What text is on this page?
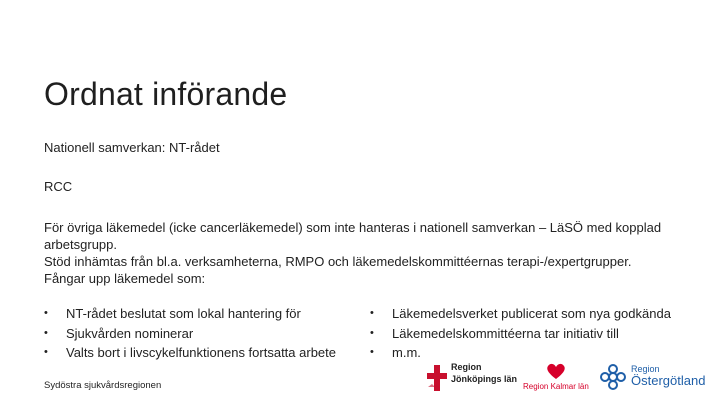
Ordnat införande
Nationell samverkan: NT-rådet
RCC
För övriga läkemedel (icke cancerläkemedel) som inte hanteras i nationell samverkan – LäSÖ med kopplad arbetsgrupp.
Stöd inhämtas från bl.a. verksamheterna, RMPO och läkemedelskommittéernas terapi-/expertgrupper.
Fångar upp läkemedel som:
• NT-rådet beslutat som lokal hantering för
• Sjukvården nominerar
• Valts bort i livscykelfunktionens fortsatta arbete
• Läkemedelsverket publicerat som nya godkända
• Läkemedelskommittéerna tar initiativ till
• m.m.
Sydöstra sjukvårdsregionen
Region
Jönköpings län
Region Kalmar län
Region
Östergötland
